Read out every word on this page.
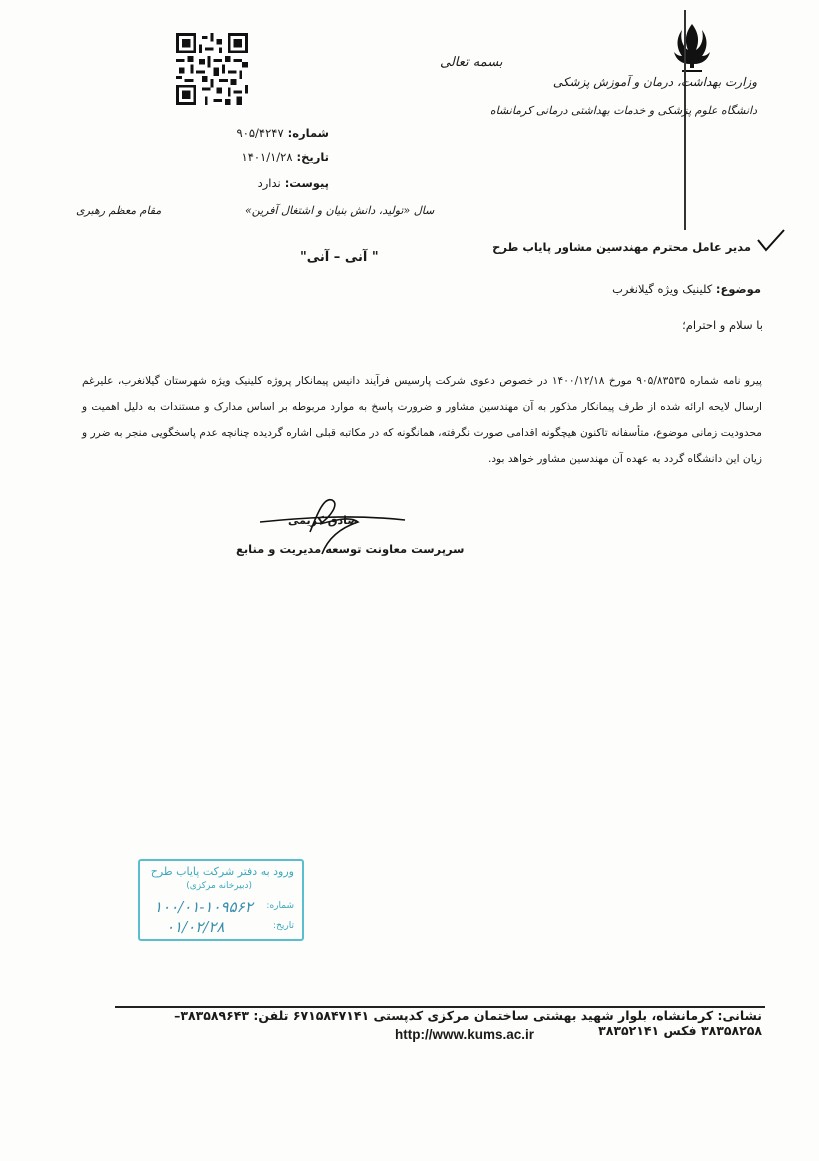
وزارت بهداشت، درمان و آموزش پزشکی
دانشگاه علوم پزشکی و خدمات بهداشتی درمانی کرمانشاه
بسمه تعالی
شماره:۹۰۵/۴۲۴۷
تاریخ:۱۴۰۱/۱/۲۸
پیوست:ندارد
سال «تولید، دانش بنیان و اشتغال آفرین»
مقام معظم رهبری
مدیر عامل محترم مهندسین مشاور پایاب طرح
" آنی – آنی"
موضوع: کلینیک ویژه گیلانغرب
با سلام و احترام؛
پیرو نامه شماره ۹۰۵/۸۳۵۳۵ مورخ ۱۴۰۰/۱۲/۱۸ در خصوص دعوی شرکت پارسیس فرآیند دانیس پیمانکار پروژه کلینیک ویژه شهرستان گیلانغرب، علیرغم ارسال لایحه ارائه شده از طرف پیمانکار مذکور به آن مهندسین مشاور و ضرورت پاسخ به موارد مربوطه بر اساس مدارک و مستندات به دلیل اهمیت و محدودیت زمانی موضوع، متأسفانه تاکنون هیچگونه اقدامی صورت نگرفته، همانگونه که در مکاتبه قبلی اشاره گردیده چنانچه عدم پاسخگویی منجر به ضرر و زیان این دانشگاه گردد به عهده آن مهندسین مشاور خواهد بود.
صادق کریمی
سرپرست معاونت توسعه مدیریت و منابع
ورود به دفتر شرکت پایاب طرح
(دبیرخانه مرکزی)
شماره:
۱۰۰/۰۱-۱۰۹۵۶۲
تاریخ:
۰۱/۰۲/۲۸
نشانی: کرمانشاه، بلوار شهید بهشتی ساختمان مرکزی کدپستی ۶۷۱۵۸۴۷۱۴۱ تلفن: ۳۸۳۵۸۹۶۴۳–۳۸۳۵۸۲۵۸ فکس ۳۸۳۵۲۱۴۱
http://www.kums.ac.ir
